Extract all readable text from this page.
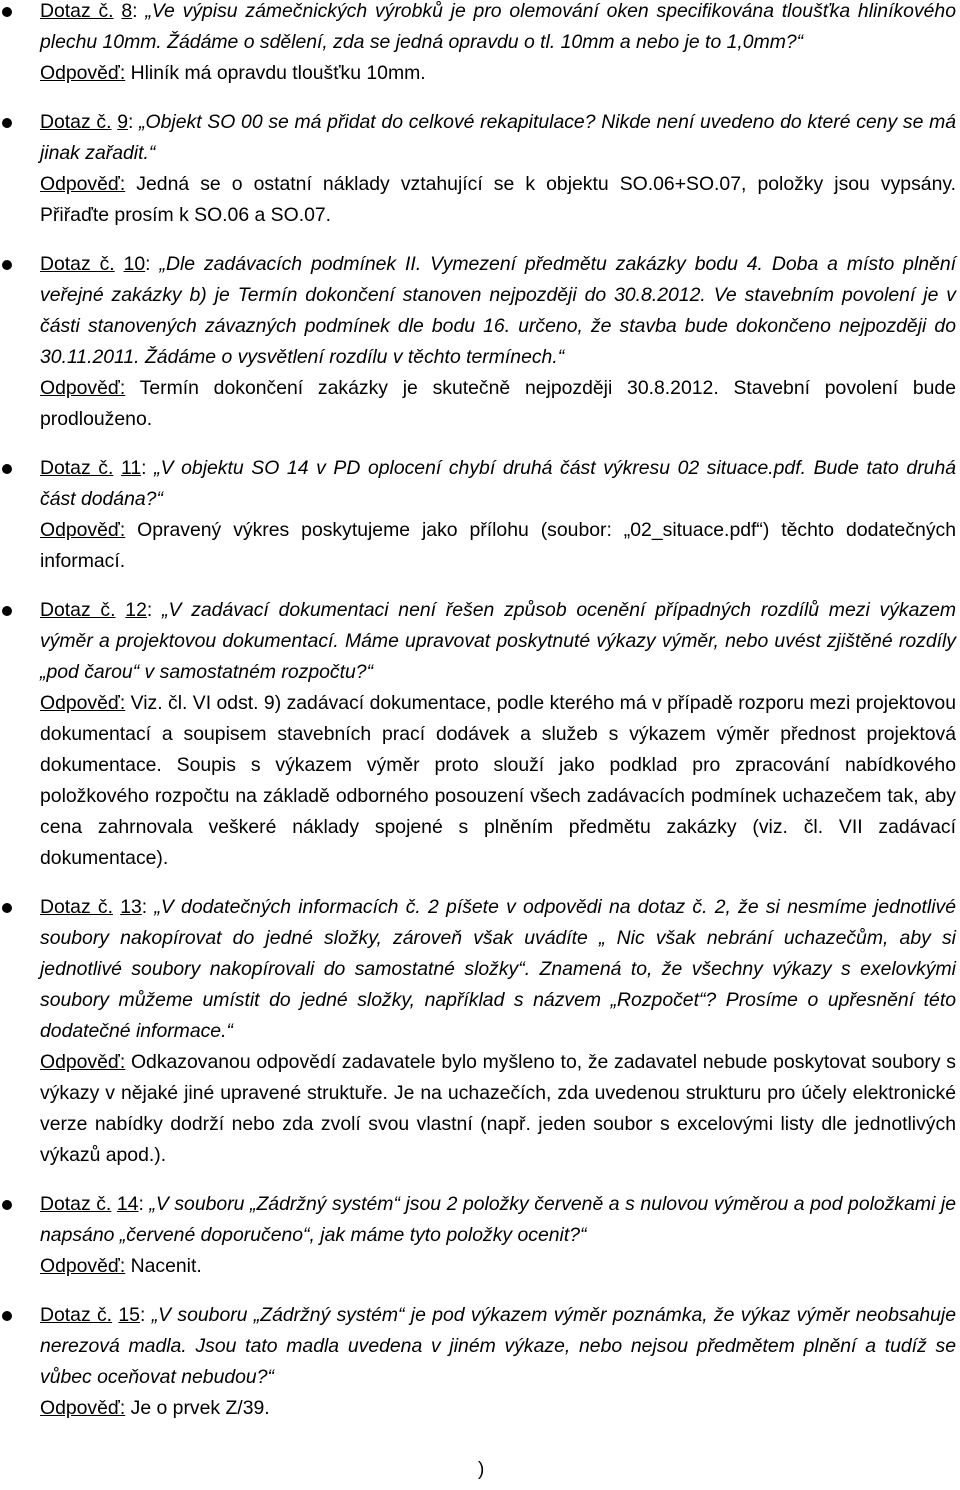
Dotaz č. 8: „Ve výpisu zámečnických výrobků je pro olemování oken specifikována tloušťka hliníkového plechu 10mm. Žádáme o sdělení, zda se jedná opravdu o tl. 10mm a nebo je to 1,0mm?“
Odpověď: Hliník má opravdu tloušťku 10mm.
Dotaz č. 9: „Objekt SO 00 se má přidat do celkové rekapitulace? Nikde není uvedeno do které ceny se má jinak zařadit.“
Odpověď: Jedná se o ostatní náklady vztahující se k objektu SO.06+SO.07, položky jsou vypsány. Přiřaďte prosím k SO.06 a SO.07.
Dotaz č. 10: „Dle zadávacích podmínek II. Vymezení předmětu zakázky bodu 4. Doba a místo plnění veřejné zakázky b) je Termín dokončení stanoven nejpozději do 30.8.2012. Ve stavebním povolení je v části stanovených závazných podmínek dle bodu 16. určeno, že stavba bude dokončeno nejpozději do 30.11.2011. Žádáme o vysvětlení rozdílu v těchto termínech.“
Odpověď: Termín dokončení zakázky je skutečně nejpozději 30.8.2012. Stavební povolení bude prodlouženo.
Dotaz č. 11: „V objektu SO 14 v PD oplocení chybí druhá část výkresu 02 situace.pdf. Bude tato druhá část dodána?“
Odpověď: Opravený výkres poskytujeme jako přílohu (soubor: „02_situace.pdf“) těchto dodatečných informací.
Dotaz č. 12: „V zadávací dokumentaci není řešen způsob ocenění případných rozdílů mezi výkazem výměr a projektovou dokumentací. Máme upravovat poskytnuté výkazy výměr, nebo uvést zjištěné rozdíly „pod čarou“ v samostatném rozpočtu?“
Odpověď: Viz. čl. VI odst. 9) zadávací dokumentace, podle kterého má v případě rozporu mezi projektovou dokumentací a soupisem stavebních prací dodávek a služeb s výkazem výměr přednost projektová dokumentace. Soupis s výkazem výměr proto slouží jako podklad pro zpracování nabídkového položkového rozpočtu na základě odborného posouzení všech zadávacích podmínek uchazečem tak, aby cena zahrnovala veškeré náklady spojené s plněním předmětu zakázky (viz. čl. VII zadávací dokumentace).
Dotaz č. 13: „V dodatečných informacích č. 2 píšete v odpovědi na dotaz č. 2, že si nesmíme jednotlivé soubory nakopírovat do jedné složky, zároveň však uvádíte „ Nic však nebrání uchazečům, aby si jednotlivé soubory nakopírovali do samostatné složky“. Znamená to, že všechny výkazy s exelovkými soubory můžeme umístit do jedné složky, například s názvem „Rozpočet“? Prosíme o upřesnění této dodatečné informace.“
Odpověď: Odkazovanou odpovědí zadavatele bylo myšleno to, že zadavatel nebude poskytovat soubory s výkazy v nějaké jiné upravené struktuře. Je na uchazečích, zda uvedenou strukturu pro účely elektronické verze nabídky dodrží nebo zda zvolí svou vlastní (např. jeden soubor s excelovými listy dle jednotlivých výkazů apod.).
Dotaz č. 14: „V souboru „Zádržný systém“ jsou 2 položky červeně a s nulovou výměrou a pod položkami je napsáno „červené doporučeno“, jak máme tyto položky ocenit?“
Odpověď: Nacenit.
Dotaz č. 15: „V souboru „Zádržný systém“ je pod výkazem výměr poznámka, že výkaz výměr neobsahuje nerezová madla. Jsou tato madla uvedena v jiném výkaze, nebo nejsou předmětem plnění a tudíž se vůbec oceňovat nebudou?“
Odpověď: Je o prvek Z/39.
)
